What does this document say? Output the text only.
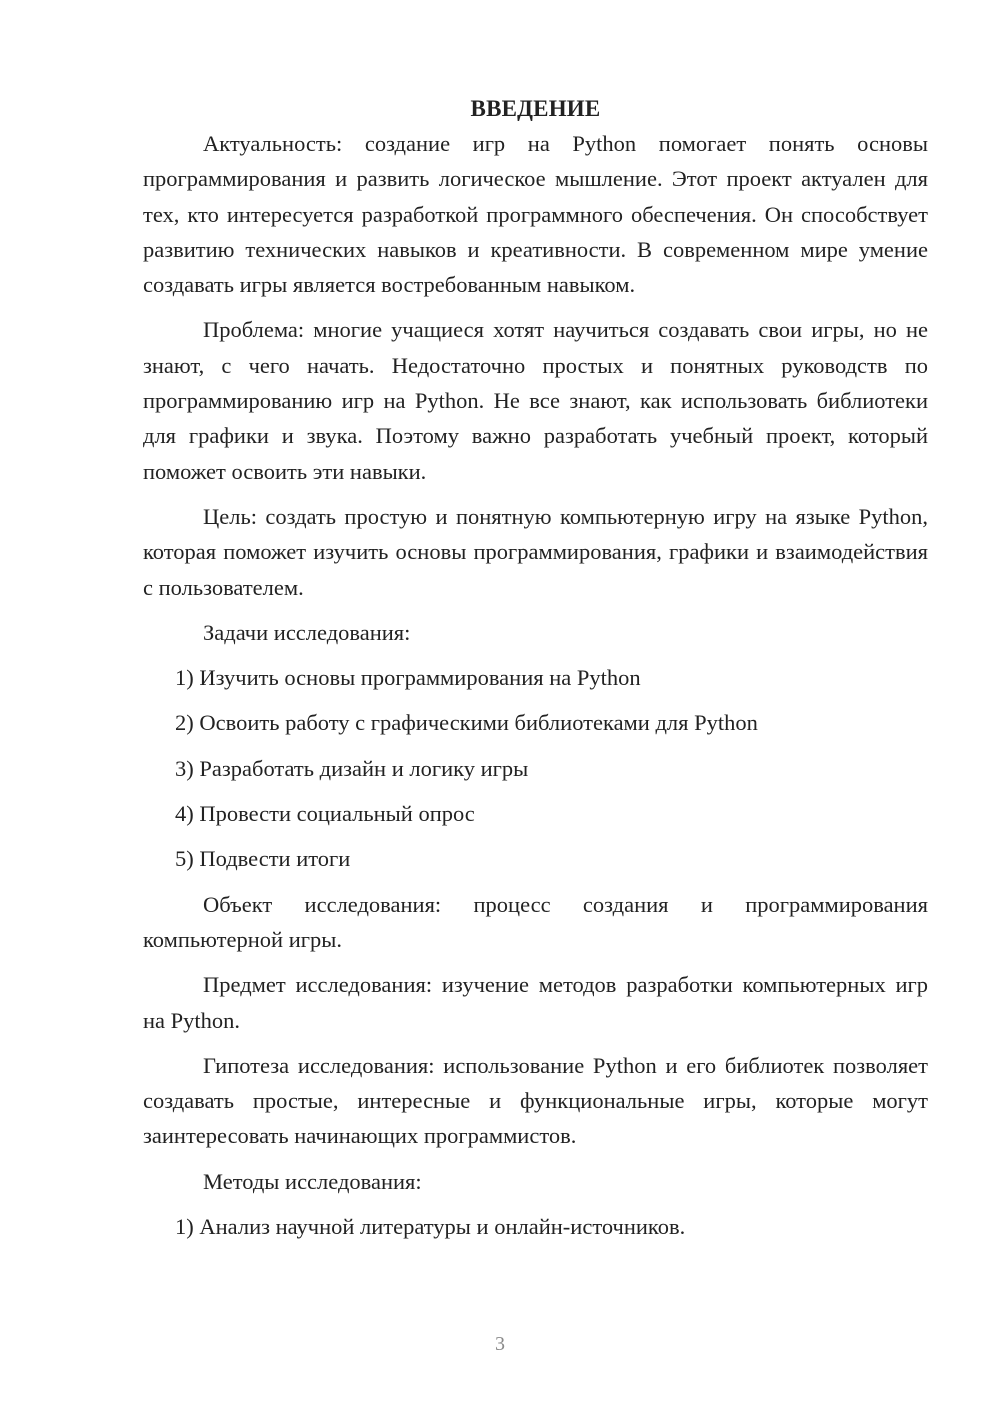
ВВЕДЕНИЕ

Актуальность: создание игр на Python помогает понять основы программирования и развить логическое мышление. Этот проект актуален для тех, кто интересуется разработкой программного обеспечения. Он способствует развитию технических навыков и креативности. В современном мире умение создавать игры является востребованным навыком.

Проблема: многие учащиеся хотят научиться создавать свои игры, но не знают, с чего начать. Недостаточно простых и понятных руководств по программированию игр на Python. Не все знают, как использовать библиотеки для графики и звука. Поэтому важно разработать учебный проект, который поможет освоить эти навыки.

Цель: создать простую и понятную компьютерную игру на языке Python, которая поможет изучить основы программирования, графики и взаимодействия с пользователем.

Задачи исследования:

1) Изучить основы программирования на Python
2) Освоить работу с графическими библиотеками для Python
3) Разработать дизайн и логику игры
4) Провести социальный опрос
5) Подвести итоги

Объект исследования: процесс создания и программирования компьютерной игры.

Предмет исследования: изучение методов разработки компьютерных игр на Python.

Гипотеза исследования: использование Python и его библиотек позволяет создавать простые, интересные и функциональные игры, которые могут заинтересовать начинающих программистов.

Методы исследования:

1) Анализ научной литературы и онлайн-источников.
3
